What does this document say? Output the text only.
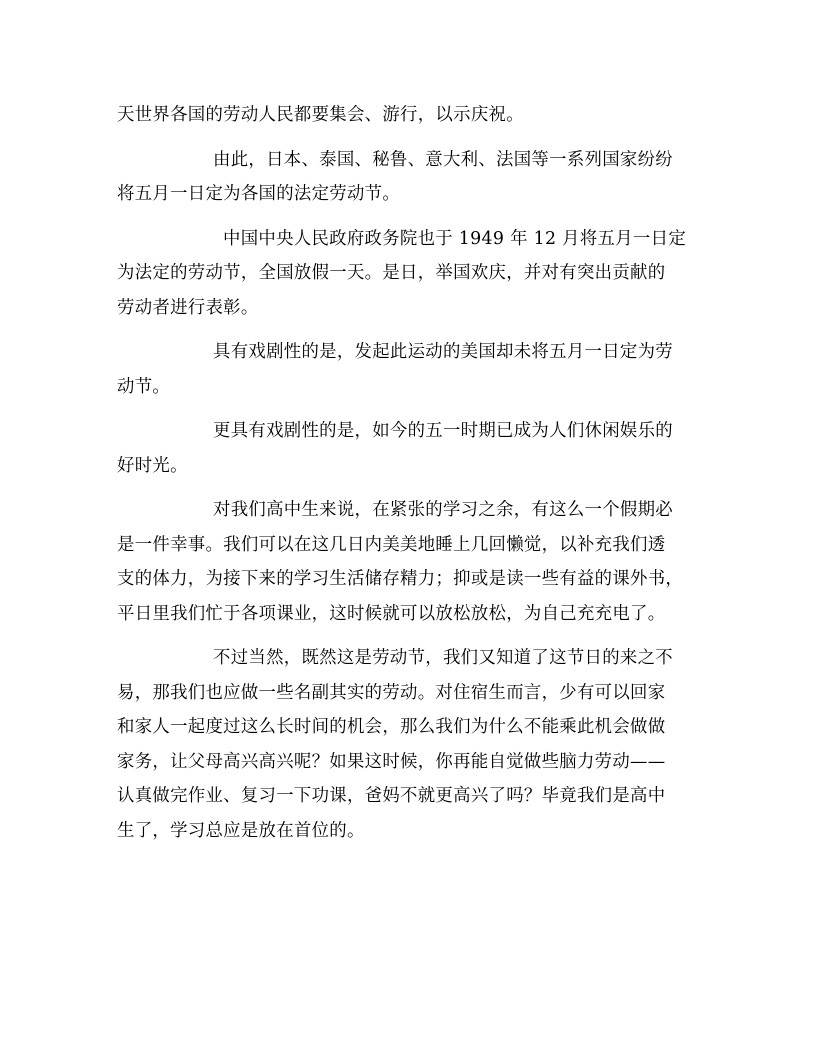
天世界各国的劳动人民都要集会、游行，以示庆祝。

由此，日本、泰国、秘鲁、意大利、法国等一系列国家纷纷
将五月一日定为各国的法定劳动节。

中国中央人民政府政务院也于 1949 年 12 月将五月一日定
为法定的劳动节，全国放假一天。是日，举国欢庆，并对有突出贡献的
劳动者进行表彰。

具有戏剧性的是，发起此运动的美国却未将五月一日定为劳
动节。

更具有戏剧性的是，如今的五一时期已成为人们休闲娱乐的
好时光。

对我们高中生来说，在紧张的学习之余，有这么一个假期必
是一件幸事。我们可以在这几日内美美地睡上几回懒觉，以补充我们透
支的体力，为接下来的学习生活储存精力；抑或是读一些有益的课外书，
平日里我们忙于各项课业，这时候就可以放松放松，为自己充充电了。

不过当然，既然这是劳动节，我们又知道了这节日的来之不
易，那我们也应做一些名副其实的劳动。对住宿生而言，少有可以回家
和家人一起度过这么长时间的机会，那么我们为什么不能乘此机会做做
家务，让父母高兴高兴呢？如果这时候，你再能自觉做些脑力劳动——
认真做完作业、复习一下功课，爸妈不就更高兴了吗？毕竟我们是高中
生了，学习总应是放在首位的。
